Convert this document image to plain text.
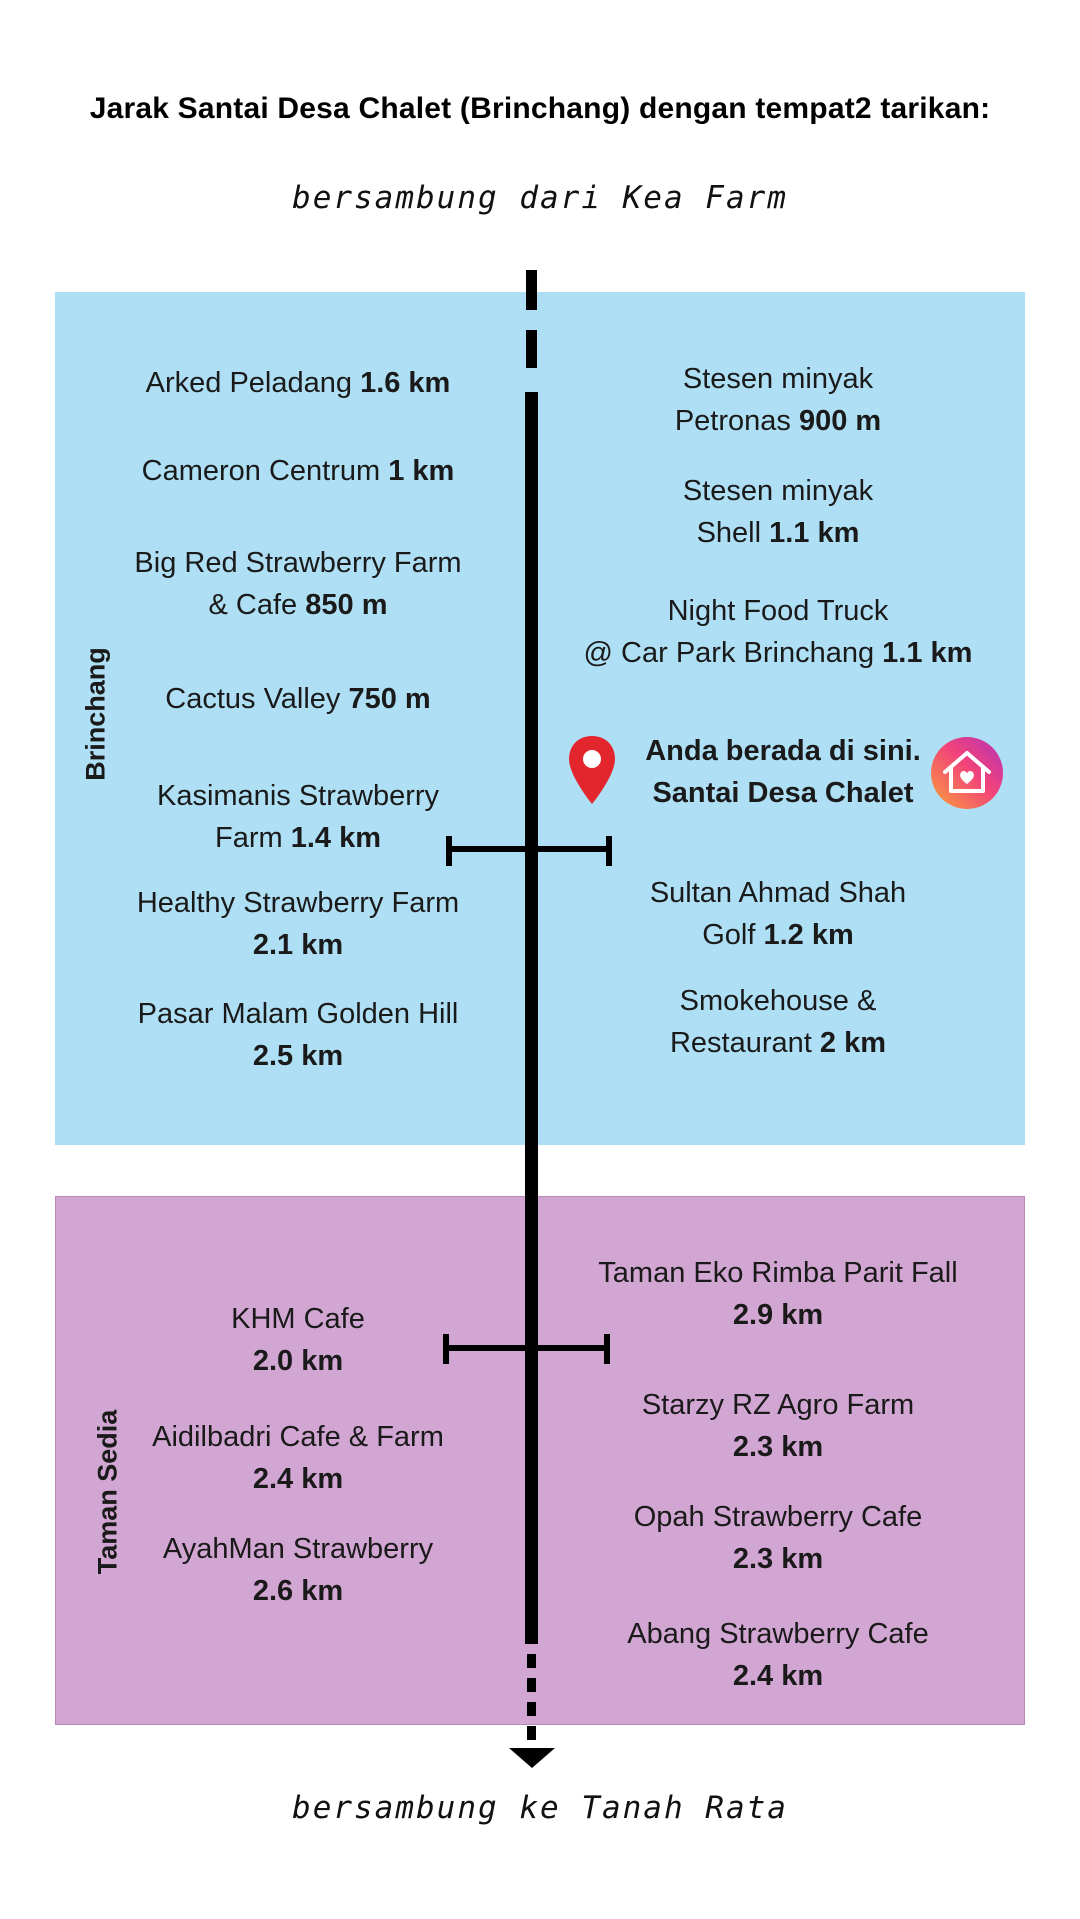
Jarak Santai Desa Chalet (Brinchang) dengan tempat2 tarikan:
bersambung dari Kea Farm
Brinchang
Taman Sedia
Arked Peladang 1.6 km
Cameron Centrum 1 km
Big Red Strawberry Farm
& Cafe 850 m
Cactus Valley 750 m
Kasimanis Strawberry
Farm 1.4 km
Healthy Strawberry Farm
2.1 km
Pasar Malam Golden Hill
2.5 km
Stesen minyak
Petronas 900 m
Stesen minyak
Shell 1.1 km
Night Food Truck
@ Car Park Brinchang 1.1 km
Anda berada di sini.
Santai Desa Chalet
Sultan Ahmad Shah
Golf 1.2 km
Smokehouse &
Restaurant 2 km
KHM Cafe
2.0 km
Aidilbadri Cafe & Farm
2.4 km
AyahMan Strawberry
2.6 km
Taman Eko Rimba Parit Fall
2.9 km
Starzy RZ Agro Farm
2.3 km
Opah Strawberry Cafe
2.3 km
Abang Strawberry Cafe
2.4 km
bersambung ke Tanah Rata
